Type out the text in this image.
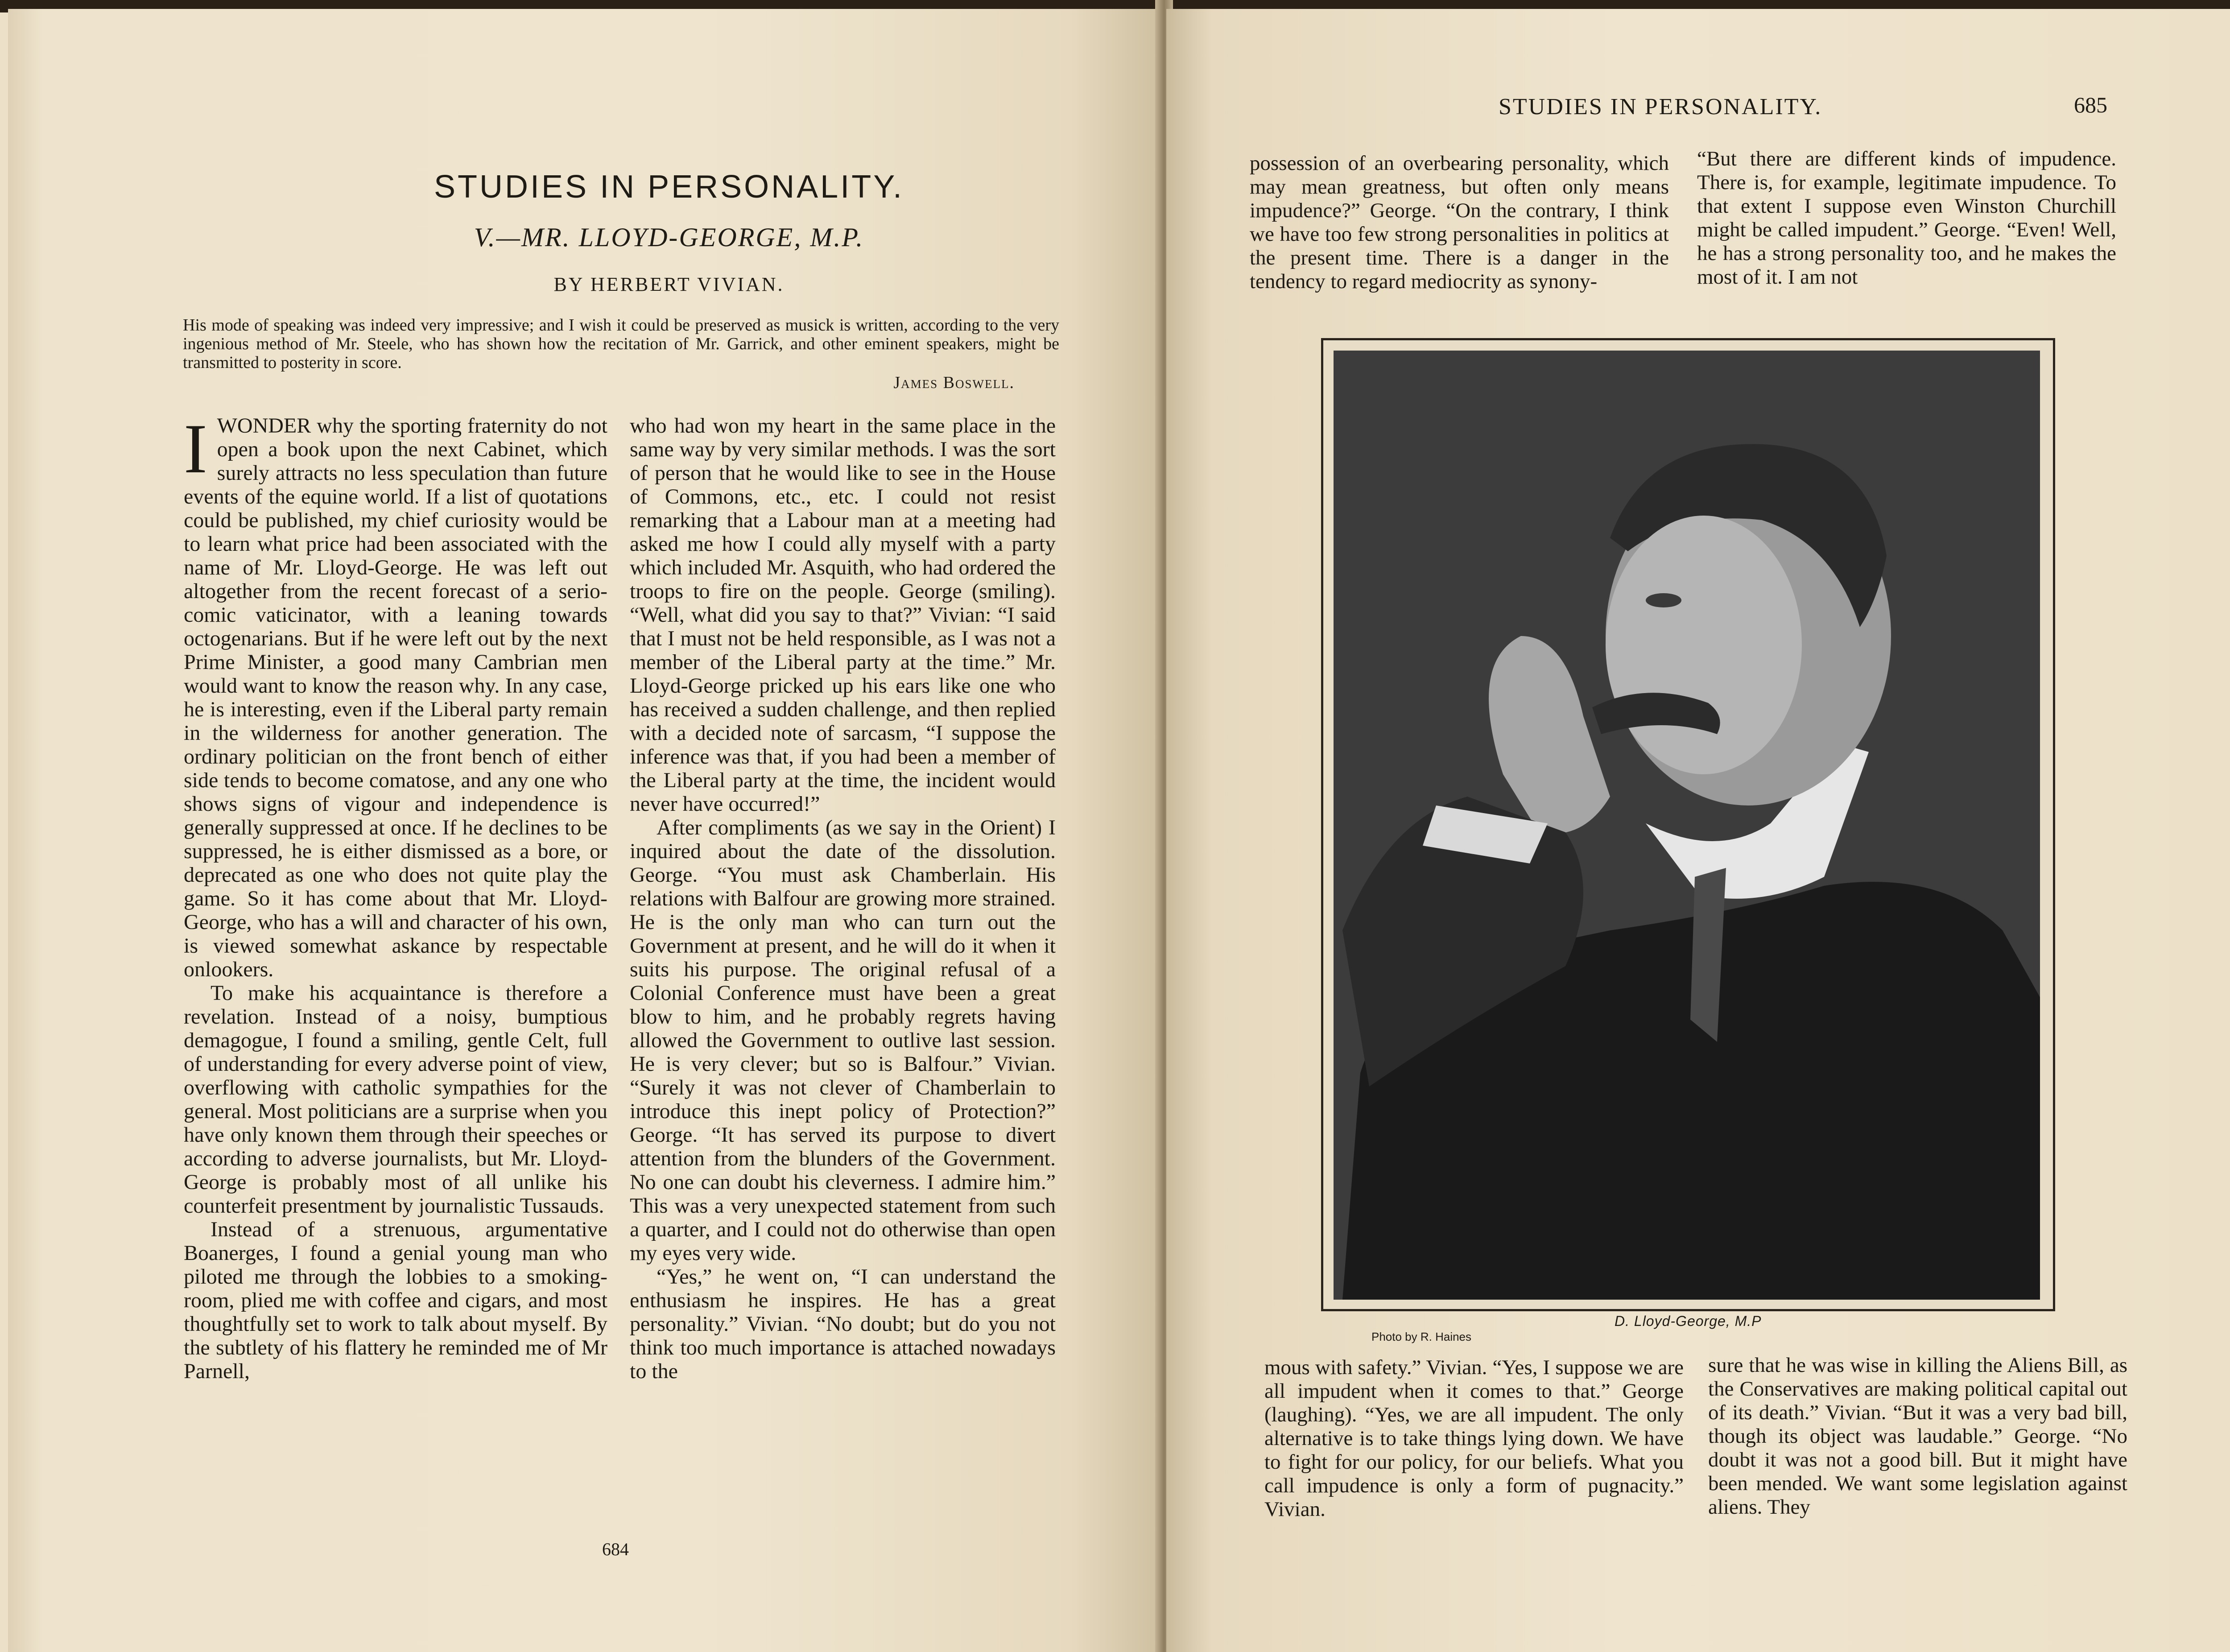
STUDIES IN PERSONALITY.
V.—MR. LLOYD-GEORGE, M.P.
BY HERBERT VIVIAN.
His mode of speaking was indeed very impressive; and I wish it could be preserved as musick is written, according to the very ingenious method of Mr. Steele, who has shown how the recitation of Mr. Garrick, and other eminent speakers, might be transmitted to posterity in score.
James Boswell.

IWONDER why the sporting fraternity do not open a book upon the next Cabinet, which surely attracts no less speculation than future events of the equine world. If a list of quotations could be published, my chief curiosity would be to learn what price had been associated with the name of Mr. Lloyd-George. He was left out altogether from the recent forecast of a serio-comic vaticinator, with a leaning towards octogenarians. But if he were left out by the next Prime Minister, a good many Cambrian men would want to know the reason why. In any case, he is interesting, even if the Liberal party remain in the wilderness for another generation. The ordinary politician on the front bench of either side tends to become comatose, and any one who shows signs of vigour and independence is generally suppressed at once. If he declines to be suppressed, he is either dismissed as a bore, or deprecated as one who does not quite play the game. So it has come about that Mr. Lloyd-George, who has a will and character of his own, is viewed somewhat askance by respectable onlookers.

To make his acquaintance is therefore a revelation. Instead of a noisy, bumptious demagogue, I found a smiling, gentle Celt, full of understanding for every adverse point of view, overflowing with catholic sympathies for the general. Most politicians are a surprise when you have only known them through their speeches or according to adverse journalists, but Mr. Lloyd-George is probably most of all unlike his counterfeit presentment by journalistic Tussauds.

Instead of a strenuous, argumentative Boanerges, I found a genial young man who piloted me through the lobbies to a smoking-room, plied me with coffee and cigars, and most thoughtfully set to work to talk about myself. By the subtlety of his flattery he reminded me of Mr Parnell,

who had won my heart in the same place in the same way by very similar methods. I was the sort of person that he would like to see in the House of Commons, etc., etc. I could not resist remarking that a Labour man at a meeting had asked me how I could ally myself with a party which included Mr. Asquith, who had ordered the troops to fire on the people. George (smiling). “Well, what did you say to that?” Vivian: “I said that I must not be held responsible, as I was not a member of the Liberal party at the time.” Mr. Lloyd-George pricked up his ears like one who has received a sudden challenge, and then replied with a decided note of sarcasm, “I suppose the inference was that, if you had been a member of the Liberal party at the time, the incident would never have occurred!”

After compliments (as we say in the Orient) I inquired about the date of the dissolution. George. “You must ask Chamberlain. His relations with Balfour are growing more strained. He is the only man who can turn out the Government at present, and he will do it when it suits his purpose. The original refusal of a Colonial Conference must have been a great blow to him, and he probably regrets having allowed the Government to outlive last session. He is very clever; but so is Balfour.” Vivian. “Surely it was not clever of Chamberlain to introduce this inept policy of Protection?” George. “It has served its purpose to divert attention from the blunders of the Government. No one can doubt his cleverness. I admire him.” This was a very unexpected statement from such a quarter, and I could not do otherwise than open my eyes very wide.

“Yes,” he went on, “I can understand the enthusiasm he inspires. He has a great personality.” Vivian. “No doubt; but do you not think too much importance is attached nowadays to the

684
STUDIES IN PERSONALITY.	685

possession of an overbearing personality, which may mean greatness, but often only means impudence?” George. “On the contrary, I think we have too few strong personalities in politics at the present time. There is a danger in the tendency to regard mediocrity as synony-

“But there are different kinds of impudence. There is, for example, legitimate impudence. To that extent I suppose even Winston Churchill might be called impudent.” George. “Even! Well, he has a strong personality too, and he makes the most of it. I am not

D. Lloyd-George, M.P
Photo by R. Haines

mous with safety.” Vivian. “Yes, I suppose we are all impudent when it comes to that.” George (laughing). “Yes, we are all impudent. The only alternative is to take things lying down. We have to fight for our policy, for our beliefs. What you call impudence is only a form of pugnacity.” Vivian.

sure that he was wise in killing the Aliens Bill, as the Conservatives are making political capital out of its death.” Vivian. “But it was a very bad bill, though its object was laudable.” George. “No doubt it was not a good bill. But it might have been mended. We want some legislation against aliens. They
